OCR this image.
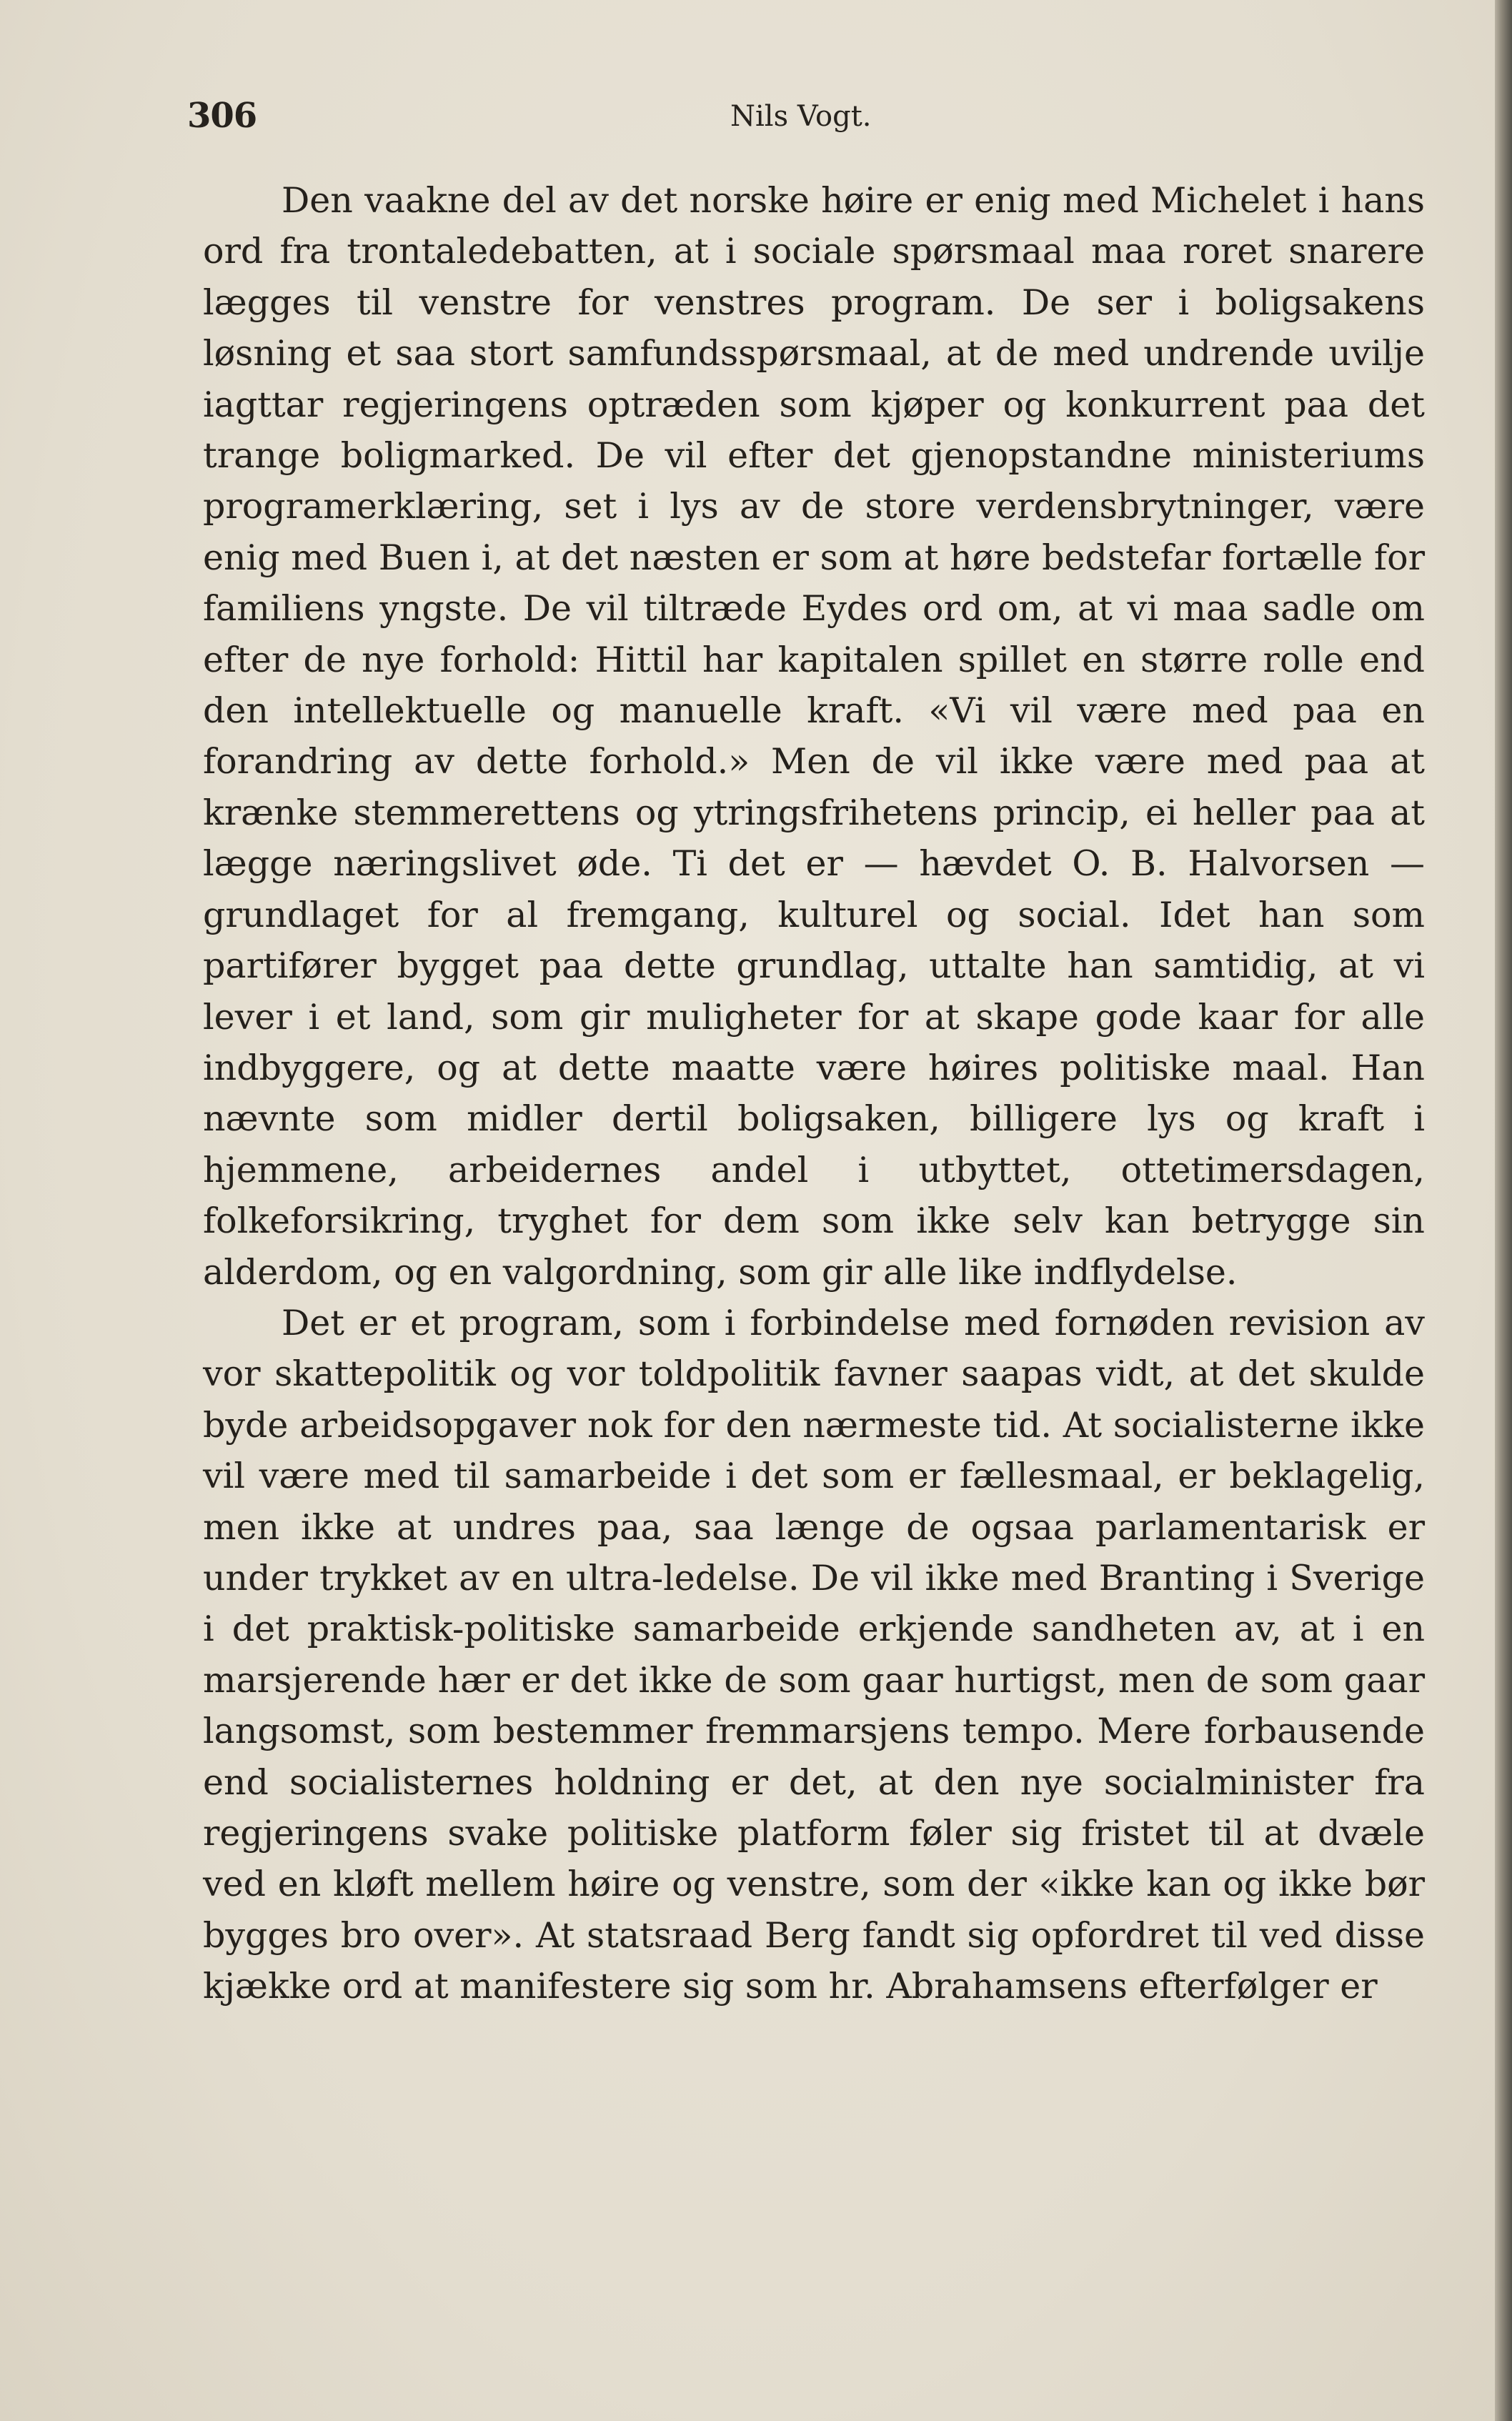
306	Nils Vogt.

Den vaakne del av det norske høire er enig med Michelet i hans ord fra trontaledebatten, at i sociale spørsmaal maa roret snarere lægges til venstre for venstres program. De ser i boligsakens løsning et saa stort samfundsspørsmaal, at de med undrende uvilje iagttar regjeringens optræden som kjøper og konkurrent paa det trange boligmarked. De vil efter det gjenopstandne ministeriums programerklæring, set i lys av de store verdensbrytninger, være enig med Buen i, at det næsten er som at høre bedstefar fortælle for familiens yngste. De vil tiltræde Eydes ord om, at vi maa sadle om efter de nye forhold: Hittil har kapitalen spillet en større rolle end den intellektuelle og manuelle kraft. «Vi vil være med paa en forandring av dette forhold.» Men de vil ikke være med paa at krænke stemmerettens og ytringsfrihetens princip, ei heller paa at lægge næringslivet øde. Ti det er — hævdet O. B. Halvorsen — grundlaget for al fremgang, kulturel og social. Idet han som partifører bygget paa dette grundlag, uttalte han samtidig, at vi lever i et land, som gir muligheter for at skape gode kaar for alle indbyggere, og at dette maatte være høires politiske maal. Han nævnte som midler dertil boligsaken, billigere lys og kraft i hjemmene, arbeidernes andel i utbyttet, ottetimersdagen, folkeforsikring, tryghet for dem som ikke selv kan betrygge sin alderdom, og en valgordning, som gir alle like indflydelse.

Det er et program, som i forbindelse med fornøden revision av vor skattepolitik og vor toldpolitik favner saapas vidt, at det skulde byde arbeidsopgaver nok for den nærmeste tid. At socialisterne ikke vil være med til samarbeide i det som er fællesmaal, er beklagelig, men ikke at undres paa, saa længe de ogsaa parlamentarisk er under trykket av en ultra-ledelse. De vil ikke med Branting i Sverige i det praktisk-politiske samarbeide erkjende sandheten av, at i en marsjerende hær er det ikke de som gaar hurtigst, men de som gaar langsomst, som bestemmer fremmarsjens tempo. Mere forbausende end socialisternes holdning er det, at den nye socialminister fra regjeringens svake politiske platform føler sig fristet til at dvæle ved en kløft mellem høire og venstre, som der «ikke kan og ikke bør bygges bro over». At statsraad Berg fandt sig opfordret til ved disse kjække ord at manifestere sig som hr. Abrahamsens efterfølger er
